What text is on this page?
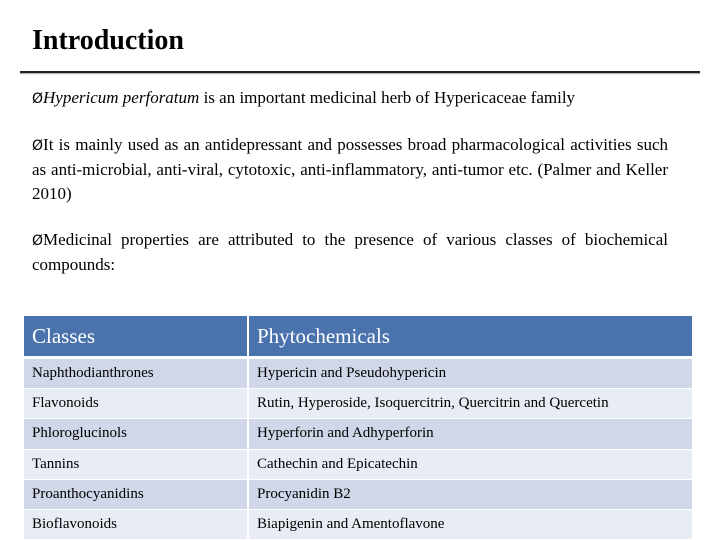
Introduction
ØHypericum perforatum is an important medicinal herb of Hypericaceae family
ØIt is mainly used as an antidepressant and possesses broad pharmacological activities such as anti-microbial, anti-viral, cytotoxic, anti-inflammatory, anti-tumor etc. (Palmer and Keller 2010)
ØMedicinal properties are attributed to the presence of various classes of biochemical compounds:
Classes	Phytochemicals
Naphthodianthrones	Hypericin and Pseudohypericin
Flavonoids	Rutin, Hyperoside, Isoquercitrin, Quercitrin and Quercetin
Phloroglucinols	Hyperforin and Adhyperforin
Tannins	Cathechin and Epicatechin
Proanthocyanidins	Procyanidin B2
Bioflavonoids	Biapigenin and Amentoflavone
